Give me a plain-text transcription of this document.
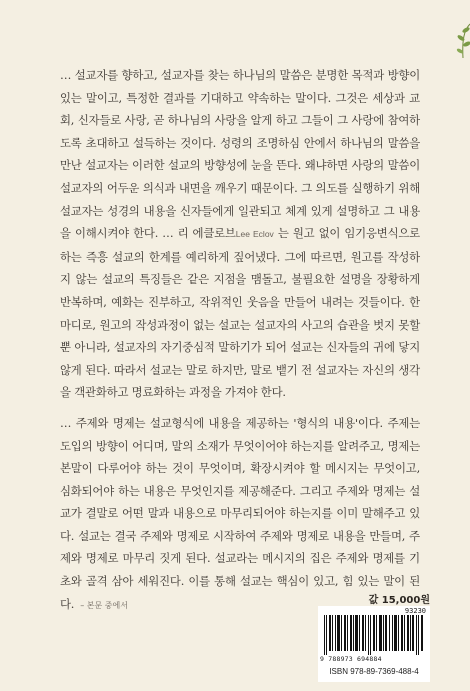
… 설교자를 향하고, 설교자를 찾는 하나님의 말씀은 분명한 목적과 방향이 있는 말이고, 특정한 결과를 기대하고 약속하는 말이다. 그것은 세상과 교회, 신자들로 사랑, 곧 하나님의 사랑을 알게 하고 그들이 그 사랑에 참여하도록 초대하고 설득하는 것이다. 성령의 조명하심 안에서 하나님의 말씀을 만난 설교자는 이러한 설교의 방향성에 눈을 뜬다. 왜냐하면 사랑의 말씀이 설교자의 어두운 의식과 내면을 깨우기 때문이다. 그 의도를 실행하기 위해 설교자는 성경의 내용을 신자들에게 일관되고 체계 있게 설명하고 그 내용을 이해시켜야 한다. … 리 에클로브Lee Eclov 는 원고 없이 임기응변식으로 하는 즉흥 설교의 한계를 예리하게 짚어냈다. 그에 따르면, 원고를 작성하지 않는 설교의 특징들은 같은 지점을 맴돌고, 불필요한 설명을 장황하게 반복하며, 예화는 진부하고, 작위적인 웃음을 만들어 내려는 것들이다. 한 마디로, 원고의 작성과정이 없는 설교는 설교자의 사고의 습관을 벗지 못할 뿐 아니라, 설교자의 자기중심적 말하기가 되어 설교는 신자들의 귀에 닿지 않게 된다. 따라서 설교는 말로 하지만, 말로 뱉기 전 설교자는 자신의 생각을 객관화하고 명료화하는 과정을 가져야 한다.

… 주제와 명제는 설교형식에 내용을 제공하는 '형식의 내용'이다. 주제는 도입의 방향이 어디며, 말의 소재가 무엇이어야 하는지를 알려주고, 명제는 본말이 다루어야 하는 것이 무엇이며, 확장시켜야 할 메시지는 무엇이고, 심화되어야 하는 내용은 무엇인지를 제공해준다. 그리고 주제와 명제는 설교가 결말로 어떤 말과 내용으로 마무리되어야 하는지를 이미 말해주고 있다. 설교는 결국 주제와 명제로 시작하여 주제와 명제로 내용을 만들며, 주제와 명제로 마무리 짓게 된다. 설교라는 메시지의 집은 주제와 명제를 기초와 골격 삼아 세워진다. 이를 통해 설교는 핵심이 있고, 힘 있는 말이 된다. – 본문 중에서	값 15,000원
93230
9 788973 694884
ISBN 978-89-7369-488-4
